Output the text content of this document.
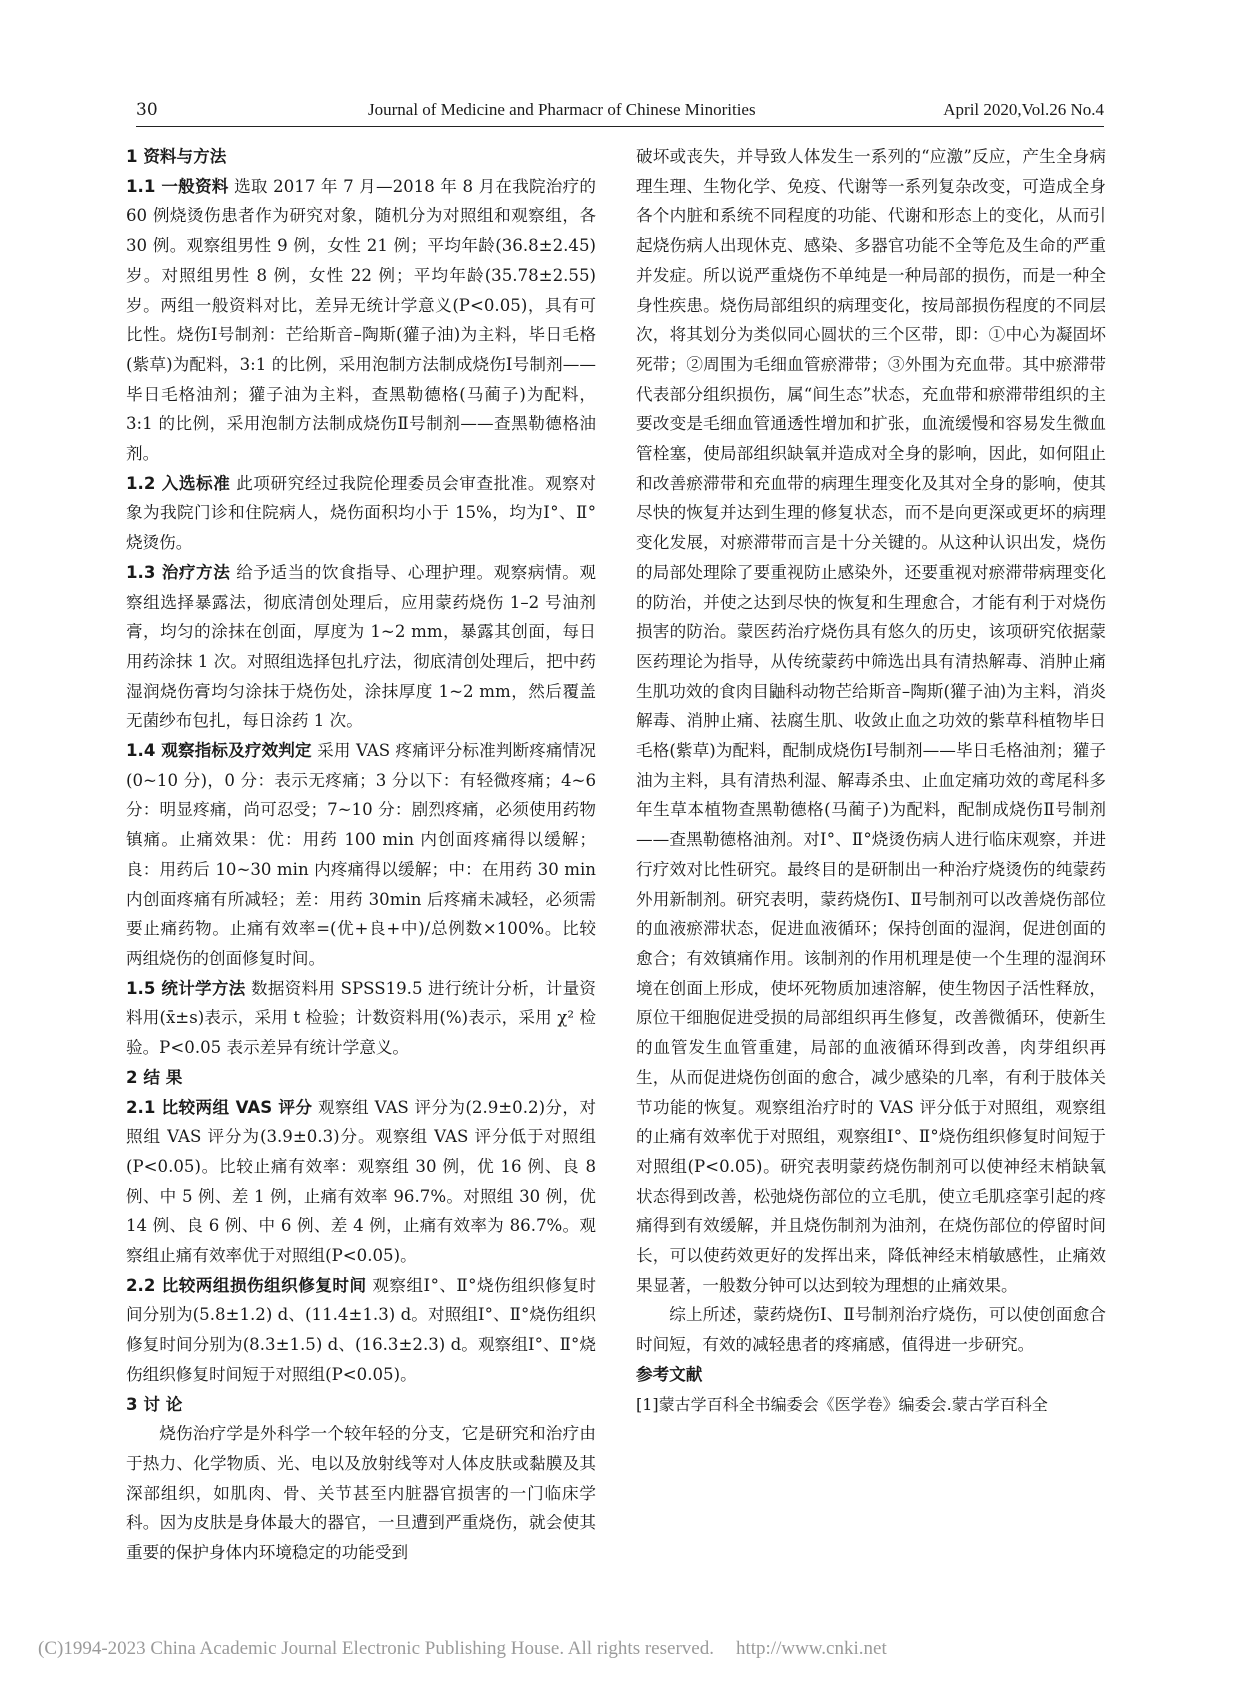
30	Journal of Medicine and Pharmacr of Chinese Minorities	April 2020,Vol.26 No.4

1 资料与方法

1.1 一般资料 选取 2017 年 7 月—2018 年 8 月在我院治疗的 60 例烧烫伤患者作为研究对象，随机分为对照组和观察组，各 30 例。观察组男性 9 例，女性 21 例；平均年龄(36.8±2.45)岁。对照组男性 8 例，女性 22 例；平均年龄(35.78±2.55)岁。两组一般资料对比，差异无统计学意义(P<0.05)，具有可比性。烧伤Ⅰ号制剂：芒给斯音–陶斯(獾子油)为主料，毕日毛格(紫草)为配料，3:1 的比例，采用泡制方法制成烧伤Ⅰ号制剂——毕日毛格油剂；獾子油为主料，查黑勒德格(马蔺子)为配料，3:1 的比例，采用泡制方法制成烧伤Ⅱ号制剂——查黑勒德格油剂。

1.2 入选标准 此项研究经过我院伦理委员会审查批准。观察对象为我院门诊和住院病人，烧伤面积均小于 15%，均为Ⅰ°、Ⅱ°烧烫伤。

1.3 治疗方法 给予适当的饮食指导、心理护理。观察病情。观察组选择暴露法，彻底清创处理后，应用蒙药烧伤 1–2 号油剂膏，均匀的涂抹在创面，厚度为 1~2 mm，暴露其创面，每日用药涂抹 1 次。对照组选择包扎疗法，彻底清创处理后，把中药湿润烧伤膏均匀涂抹于烧伤处，涂抹厚度 1~2 mm，然后覆盖无菌纱布包扎，每日涂药 1 次。

1.4 观察指标及疗效判定 采用 VAS 疼痛评分标准判断疼痛情况(0~10 分)，0 分：表示无疼痛；3 分以下：有轻微疼痛；4~6 分：明显疼痛，尚可忍受；7~10 分：剧烈疼痛，必须使用药物镇痛。止痛效果：优：用药 100 min 内创面疼痛得以缓解；良：用药后 10~30 min 内疼痛得以缓解；中：在用药 30 min 内创面疼痛有所减轻；差：用药 30min 后疼痛未减轻，必须需要止痛药物。止痛有效率=(优+良+中)/总例数×100%。比较两组烧伤的创面修复时间。

1.5 统计学方法 数据资料用 SPSS19.5 进行统计分析，计量资料用(x̄±s)表示，采用 t 检验；计数资料用(%)表示，采用 χ² 检验。P<0.05 表示差异有统计学意义。

2 结 果

2.1 比较两组 VAS 评分 观察组 VAS 评分为(2.9±0.2)分，对照组 VAS 评分为(3.9±0.3)分。观察组 VAS 评分低于对照组(P<0.05)。比较止痛有效率：观察组 30 例，优 16 例、良 8 例、中 5 例、差 1 例，止痛有效率 96.7%。对照组 30 例，优 14 例、良 6 例、中 6 例、差 4 例，止痛有效率为 86.7%。观察组止痛有效率优于对照组(P<0.05)。

2.2 比较两组损伤组织修复时间 观察组Ⅰ°、Ⅱ°烧伤组织修复时间分别为(5.8±1.2) d、(11.4±1.3) d。对照组Ⅰ°、Ⅱ°烧伤组织修复时间分别为(8.3±1.5) d、(16.3±2.3) d。观察组Ⅰ°、Ⅱ°烧伤组织修复时间短于对照组(P<0.05)。

3 讨 论

烧伤治疗学是外科学一个较年轻的分支，它是研究和治疗由于热力、化学物质、光、电以及放射线等对人体皮肤或黏膜及其深部组织，如肌肉、骨、关节甚至内脏器官损害的一门临床学科。因为皮肤是身体最大的器官，一旦遭到严重烧伤，就会使其重要的保护身体内环境稳定的功能受到

破坏或丧失，并导致人体发生一系列的“应激”反应，产生全身病理生理、生物化学、免疫、代谢等一系列复杂改变，可造成全身各个内脏和系统不同程度的功能、代谢和形态上的变化，从而引起烧伤病人出现休克、感染、多器官功能不全等危及生命的严重并发症。所以说严重烧伤不单纯是一种局部的损伤，而是一种全身性疾患。烧伤局部组织的病理变化，按局部损伤程度的不同层次，将其划分为类似同心圆状的三个区带，即：①中心为凝固坏死带；②周围为毛细血管瘀滞带；③外围为充血带。其中瘀滞带代表部分组织损伤，属“间生态”状态，充血带和瘀滞带组织的主要改变是毛细血管通透性增加和扩张，血流缓慢和容易发生微血管栓塞，使局部组织缺氧并造成对全身的影响，因此，如何阻止和改善瘀滞带和充血带的病理生理变化及其对全身的影响，使其尽快的恢复并达到生理的修复状态，而不是向更深或更坏的病理变化发展，对瘀滞带而言是十分关键的。从这种认识出发，烧伤的局部处理除了要重视防止感染外，还要重视对瘀滞带病理变化的防治，并使之达到尽快的恢复和生理愈合，才能有利于对烧伤损害的防治。蒙医药治疗烧伤具有悠久的历史，该项研究依据蒙医药理论为指导，从传统蒙药中筛选出具有清热解毒、消肿止痛生肌功效的食肉目鼬科动物芒给斯音–陶斯(獾子油)为主料，消炎解毒、消肿止痛、祛腐生肌、收敛止血之功效的紫草科植物毕日毛格(紫草)为配料，配制成烧伤Ⅰ号制剂——毕日毛格油剂；獾子油为主料，具有清热利湿、解毒杀虫、止血定痛功效的鸢尾科多年生草本植物查黑勒德格(马蔺子)为配料，配制成烧伤Ⅱ号制剂——查黑勒德格油剂。对Ⅰ°、Ⅱ°烧烫伤病人进行临床观察，并进行疗效对比性研究。最终目的是研制出一种治疗烧烫伤的纯蒙药外用新制剂。研究表明，蒙药烧伤Ⅰ、Ⅱ号制剂可以改善烧伤部位的血液瘀滞状态，促进血液循环；保持创面的湿润，促进创面的愈合；有效镇痛作用。该制剂的作用机理是使一个生理的湿润环境在创面上形成，使坏死物质加速溶解，使生物因子活性释放，原位干细胞促进受损的局部组织再生修复，改善微循环，使新生的血管发生血管重建，局部的血液循环得到改善，肉芽组织再生，从而促进烧伤创面的愈合，减少感染的几率，有利于肢体关节功能的恢复。观察组治疗时的 VAS 评分低于对照组，观察组的止痛有效率优于对照组，观察组Ⅰ°、Ⅱ°烧伤组织修复时间短于对照组(P<0.05)。研究表明蒙药烧伤制剂可以使神经末梢缺氧状态得到改善，松弛烧伤部位的立毛肌，使立毛肌痉挛引起的疼痛得到有效缓解，并且烧伤制剂为油剂，在烧伤部位的停留时间长，可以使药效更好的发挥出来，降低神经末梢敏感性，止痛效果显著，一般数分钟可以达到较为理想的止痛效果。

综上所述，蒙药烧伤Ⅰ、Ⅱ号制剂治疗烧伤，可以使创面愈合时间短，有效的减轻患者的疼痛感，值得进一步研究。

参考文献

[1]蒙古学百科全书编委会《医学卷》编委会.蒙古学百科全

(C)1994-2023 China Academic Journal Electronic Publishing House. All rights reserved. http://www.cnki.net
